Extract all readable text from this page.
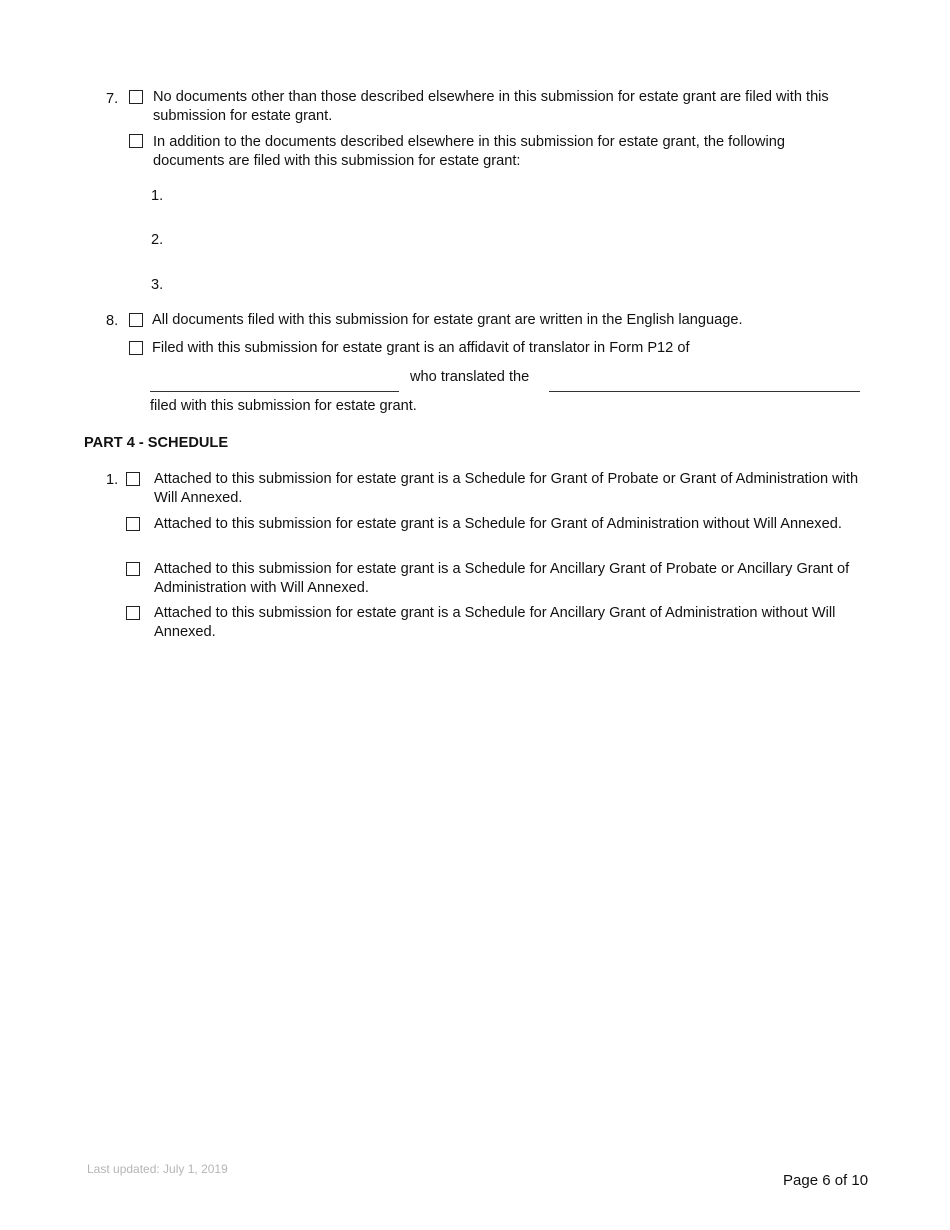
7. No documents other than those described elsewhere in this submission for estate grant are filed with this submission for estate grant.
In addition to the documents described elsewhere in this submission for estate grant, the following documents are filed with this submission for estate grant:
1.
2.
3.
8. All documents filed with this submission for estate grant are written in the English language.
Filed with this submission for estate grant is an affidavit of translator in Form P12 of
who translated the
filed with this submission for estate grant.
PART 4 - SCHEDULE
1. Attached to this submission for estate grant is a Schedule for Grant of Probate or Grant of Administration with Will Annexed.
Attached to this submission for estate grant is a Schedule for Grant of Administration without Will Annexed.
Attached to this submission for estate grant is a Schedule for Ancillary Grant of Probate or Ancillary Grant of Administration with Will Annexed.
Attached to this submission for estate grant is a Schedule for Ancillary Grant of Administration without Will Annexed.
Last updated: July 1, 2019
Page 6 of 10
